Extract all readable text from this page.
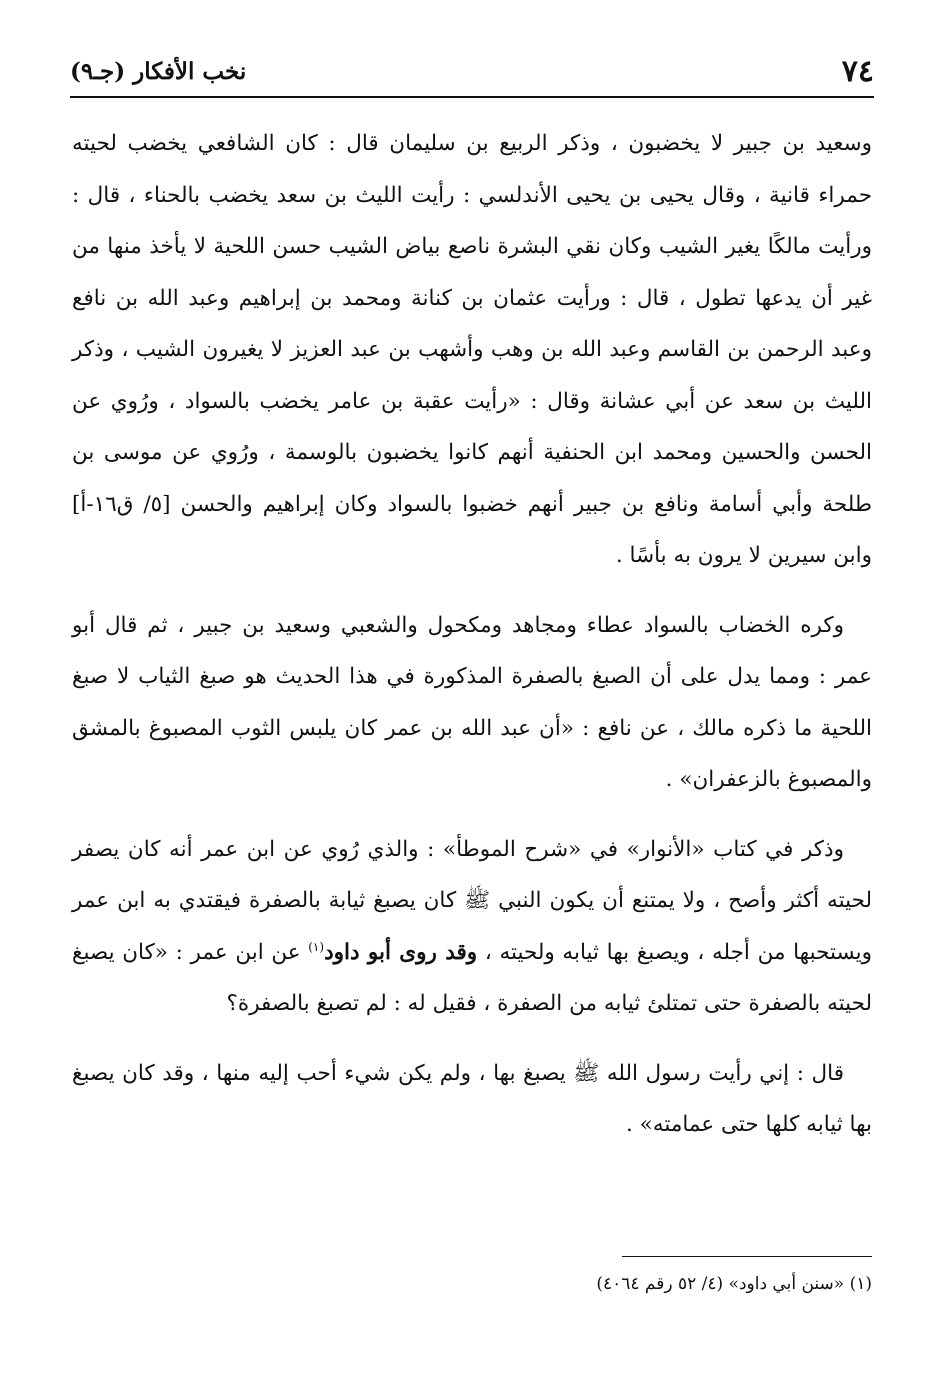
٧٤
نخب الأفكار (جـ٩)

وسعيد بن جبير لا يخضبون ، وذكر الربيع بن سليمان قال : كان الشافعي يخضب لحيته حمراء قانية ، وقال يحيى بن يحيى الأندلسي : رأيت الليث بن سعد يخضب بالحناء ، قال : ورأيت مالكًا يغير الشيب وكان نقي البشرة ناصع بياض الشيب حسن اللحية لا يأخذ منها من غير أن يدعها تطول ، قال : ورأيت عثمان بن كنانة ومحمد بن إبراهيم وعبد الله بن نافع وعبد الرحمن بن القاسم وعبد الله بن وهب وأشهب بن عبد العزيز لا يغيرون الشيب ، وذكر الليث بن سعد عن أبي عشانة وقال : «رأيت عقبة بن عامر يخضب بالسواد ، ورُوي عن الحسن والحسين ومحمد ابن الحنفية أنهم كانوا يخضبون بالوسمة ، ورُوي عن موسى بن طلحة وأبي أسامة ونافع بن جبير أنهم خضبوا بالسواد وكان إبراهيم والحسن [٥/ ق١٦-أ] وابن سيرين لا يرون به بأسًا .

وكره الخضاب بالسواد عطاء ومجاهد ومكحول والشعبي وسعيد بن جبير ، ثم قال أبو عمر : ومما يدل على أن الصبغ بالصفرة المذكورة في هذا الحديث هو صبغ الثياب لا صبغ اللحية ما ذكره مالك ، عن نافع : «أن عبد الله بن عمر كان يلبس الثوب المصبوغ بالمشق والمصبوغ بالزعفران» .

وذكر في كتاب «الأنوار» في «شرح الموطأ» : والذي رُوي عن ابن عمر أنه كان يصفر لحيته أكثر وأصح ، ولا يمتنع أن يكون النبي ﷺ كان يصبغ ثيابة بالصفرة فيقتدي به ابن عمر ويستحبها من أجله ، ويصبغ بها ثيابه ولحيته ، وقد روى أبو داود$^{(١)}$ عن ابن عمر : «كان يصبغ لحيته بالصفرة حتى تمتلئ ثيابه من الصفرة ، فقيل له : لم تصبغ بالصفرة؟

قال : إني رأيت رسول الله ﷺ يصبغ بها ، ولم يكن شيء أحب إليه منها ، وقد كان يصبغ بها ثيابه كلها حتى عمامته» .

(١) «سنن أبي داود» (٤/ ٥٢ رقم ٤٠٦٤)
